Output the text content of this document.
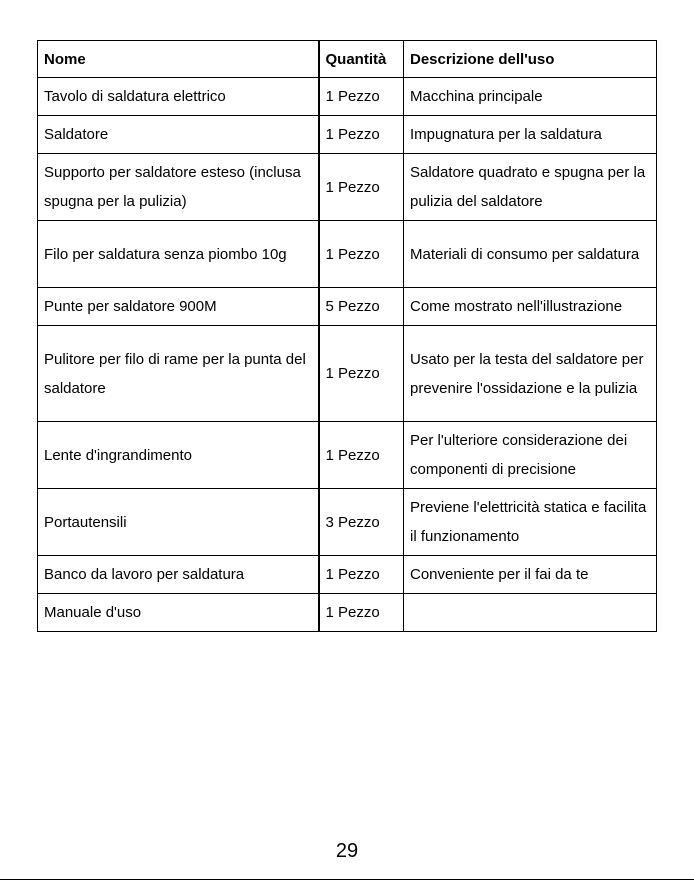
Nome	Quantità	Descrizione dell'uso
Tavolo di saldatura elettrico	1 Pezzo	Macchina principale
Saldatore	1 Pezzo	Impugnatura per la saldatura
Supporto per saldatore esteso (inclusa spugna per la pulizia)	1 Pezzo	Saldatore quadrato e spugna per la pulizia del saldatore
Filo per saldatura senza piombo 10g	1 Pezzo	Materiali di consumo per saldatura
Punte per saldatore 900M	5 Pezzo	Come mostrato nell'illustrazione
Pulitore per filo di rame per la punta del saldatore	1 Pezzo	Usato per la testa del saldatore per prevenire l'ossidazione e la pulizia
Lente d'ingrandimento	1 Pezzo	Per l'ulteriore considerazione dei componenti di precisione
Portautensili	3 Pezzo	Previene l'elettricità statica e facilita il funzionamento
Banco da lavoro per saldatura	1 Pezzo	Conveniente per il fai da te
Manuale d'uso	1 Pezzo	
29
